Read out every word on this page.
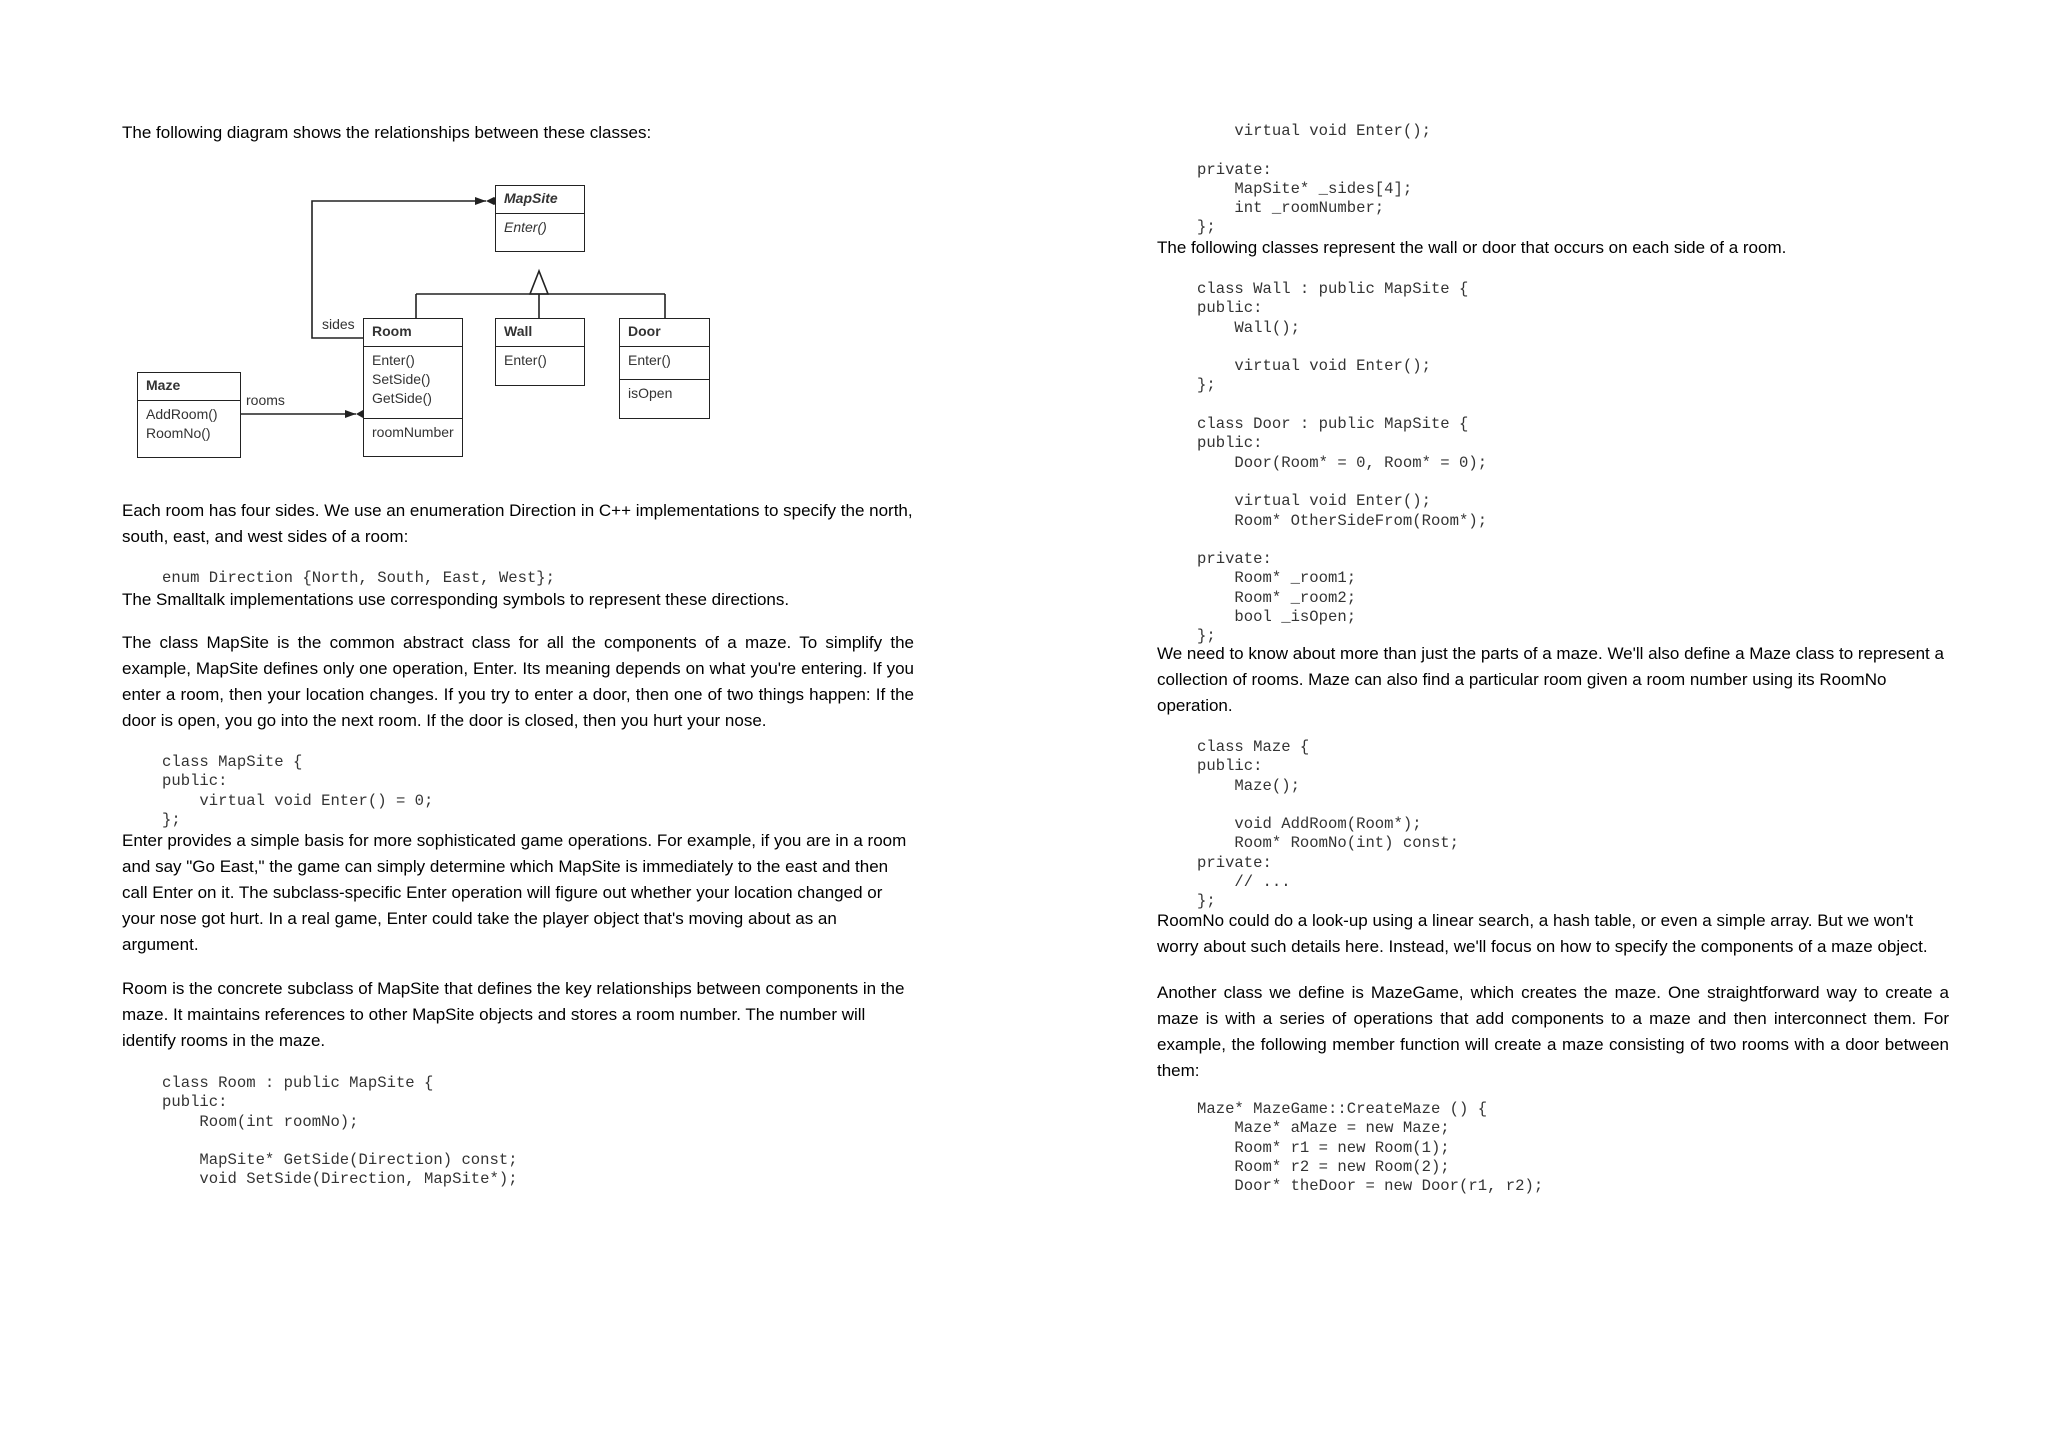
The following diagram shows the relationships between these classes:

MapSite
Enter()
Room
Enter()
SetSide()
GetSide()
roomNumber
Wall
Enter()
Door
Enter()
isOpen
Maze
AddRoom()
RoomNo()
sides
rooms

Each room has four sides. We use an enumeration Direction in C++ implementations to specify the north, south, east, and west sides of a room:

enum Direction {North, South, East, West};

The Smalltalk implementations use corresponding symbols to represent these directions.

The class MapSite is the common abstract class for all the components of a maze. To simplify the example, MapSite defines only one operation, Enter. Its meaning depends on what you're entering. If you enter a room, then your location changes. If you try to enter a door, then one of two things happen: If the door is open, you go into the next room. If the door is closed, then you hurt your nose.

class MapSite {
public:
virtual void Enter() = 0;
};

Enter provides a simple basis for more sophisticated game operations. For example, if you are in a room and say "Go East," the game can simply determine which MapSite is immediately to the east and then call Enter on it. The subclass-specific Enter operation will figure out whether your location changed or your nose got hurt. In a real game, Enter could take the player object that's moving about as an argument.

Room is the concrete subclass of MapSite that defines the key relationships between components in the maze. It maintains references to other MapSite objects and stores a room number. The number will identify rooms in the maze.

class Room : public MapSite {
public:
Room(int roomNo);

MapSite* GetSide(Direction) const;
void SetSide(Direction, MapSite*);
virtual void Enter();

private:
MapSite* _sides[4];
int _roomNumber;
};

The following classes represent the wall or door that occurs on each side of a room.

class Wall : public MapSite {
public:
Wall();

virtual void Enter();
};

class Door : public MapSite {
public:
Door(Room* = 0, Room* = 0);

virtual void Enter();
Room* OtherSideFrom(Room*);

private:
Room* _room1;
Room* _room2;
bool _isOpen;
};

We need to know about more than just the parts of a maze. We'll also define a Maze class to represent a collection of rooms. Maze can also find a particular room given a room number using its RoomNo operation.

class Maze {
public:
Maze();

void AddRoom(Room*);
Room* RoomNo(int) const;
private:
// ...
};

RoomNo could do a look-up using a linear search, a hash table, or even a simple array. But we won't worry about such details here. Instead, we'll focus on how to specify the components of a maze object.

Another class we define is MazeGame, which creates the maze. One straightforward way to create a maze is with a series of operations that add components to a maze and then interconnect them. For example, the following member function will create a maze consisting of two rooms with a door between them:

Maze* MazeGame::CreateMaze () {
Maze* aMaze = new Maze;
Room* r1 = new Room(1);
Room* r2 = new Room(2);
Door* theDoor = new Door(r1, r2);
